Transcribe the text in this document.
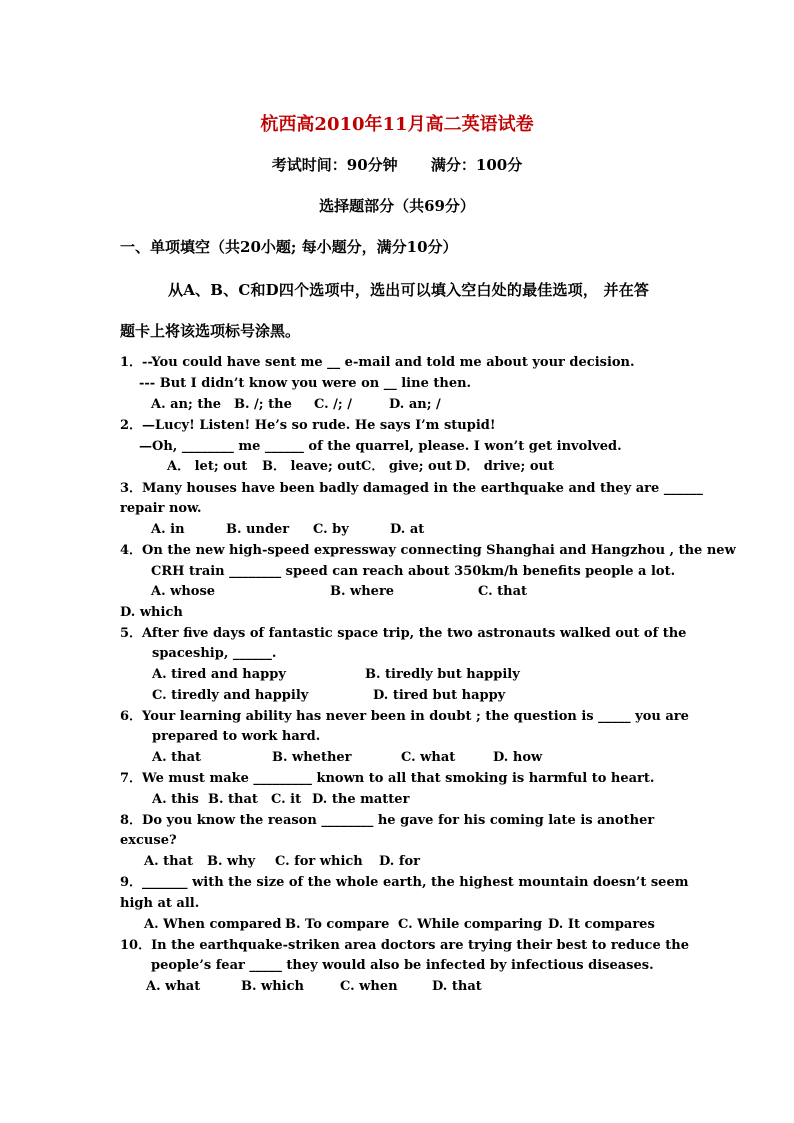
杭西高2010年11月高二英语试卷
考试时间：90分钟 满分：100分
选择题部分（共69分）
一、单项填空（共20小题; 每小题分，满分10分）
从A、B、C和D四个选项中，选出可以填入空白处的最佳选项， 并在答
题卡上将该选项标号涂黑。
1．--You could have sent me __ e-mail and told me about your decision.
--- But I didn’t know you were on __ line then.
A. an; the B. /; the C. /; /	D. an; /
2．—Lucy! Listen! He’s so rude. He says I’m stupid!
—Oh, ________ me ______ of the quarrel, please. I won’t get involved.
A． let; out B． leave; out C． give; out D． drive; out
3．Many houses have been badly damaged in the earthquake and they are ______
repair now.
A. in	B. under C. by	D. at
4．On the new high-speed expressway connecting Shanghai and Hangzhou , the new
CRH train ________ speed can reach about 350km/h benefits people a lot.
A. whose	B. where	C. that
D. which
5．After five days of fantastic space trip, the two astronauts walked out of the
spaceship, ______.
A. tired and happy	B. tiredly but happily
C. tiredly and happily	D. tired but happy
6．Your learning ability has never been in doubt ; the question is _____ you are
prepared to work hard.
A. that	B. whether	C. what	D. how
7．We must make _________ known to all that smoking is harmful to heart.
A. this B. that C. it D. the matter
8．Do you know the reason ________ he gave for his coming late is another
excuse?
A. that B. why C. for which D. for
9．_______ with the size of the whole earth, the highest mountain doesn’t seem
high at all.
A. When compared B. To compare C. While comparing D. It compares
10．In the earthquake-striken area doctors are trying their best to reduce the
people’s fear _____ they would also be infected by infectious diseases.
A. what	B. which	C. when	D. that
